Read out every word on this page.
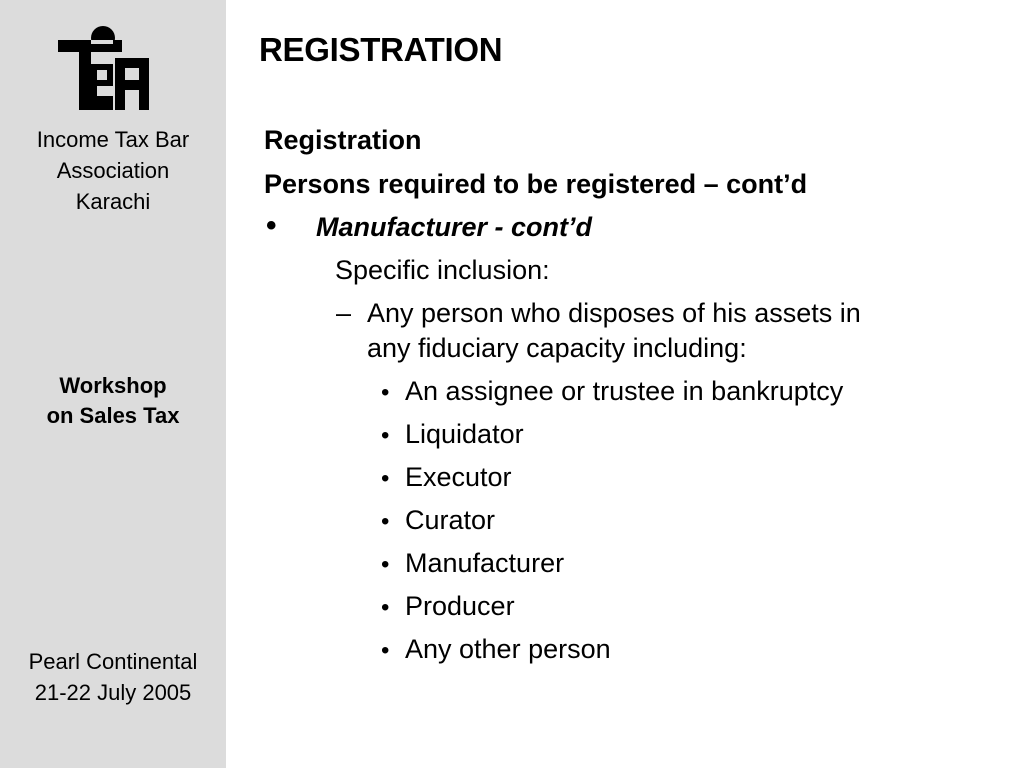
Income Tax Bar
Association
Karachi
Workshop
on Sales Tax
Pearl Continental
21-22 July 2005
REGISTRATION
Registration
Persons required to be registered – cont’d
• Manufacturer - cont’d
Specific inclusion:
– Any person who disposes of his assets in
any fiduciary capacity including:
• An assignee or trustee in bankruptcy
• Liquidator
• Executor
• Curator
• Manufacturer
• Producer
• Any other person
